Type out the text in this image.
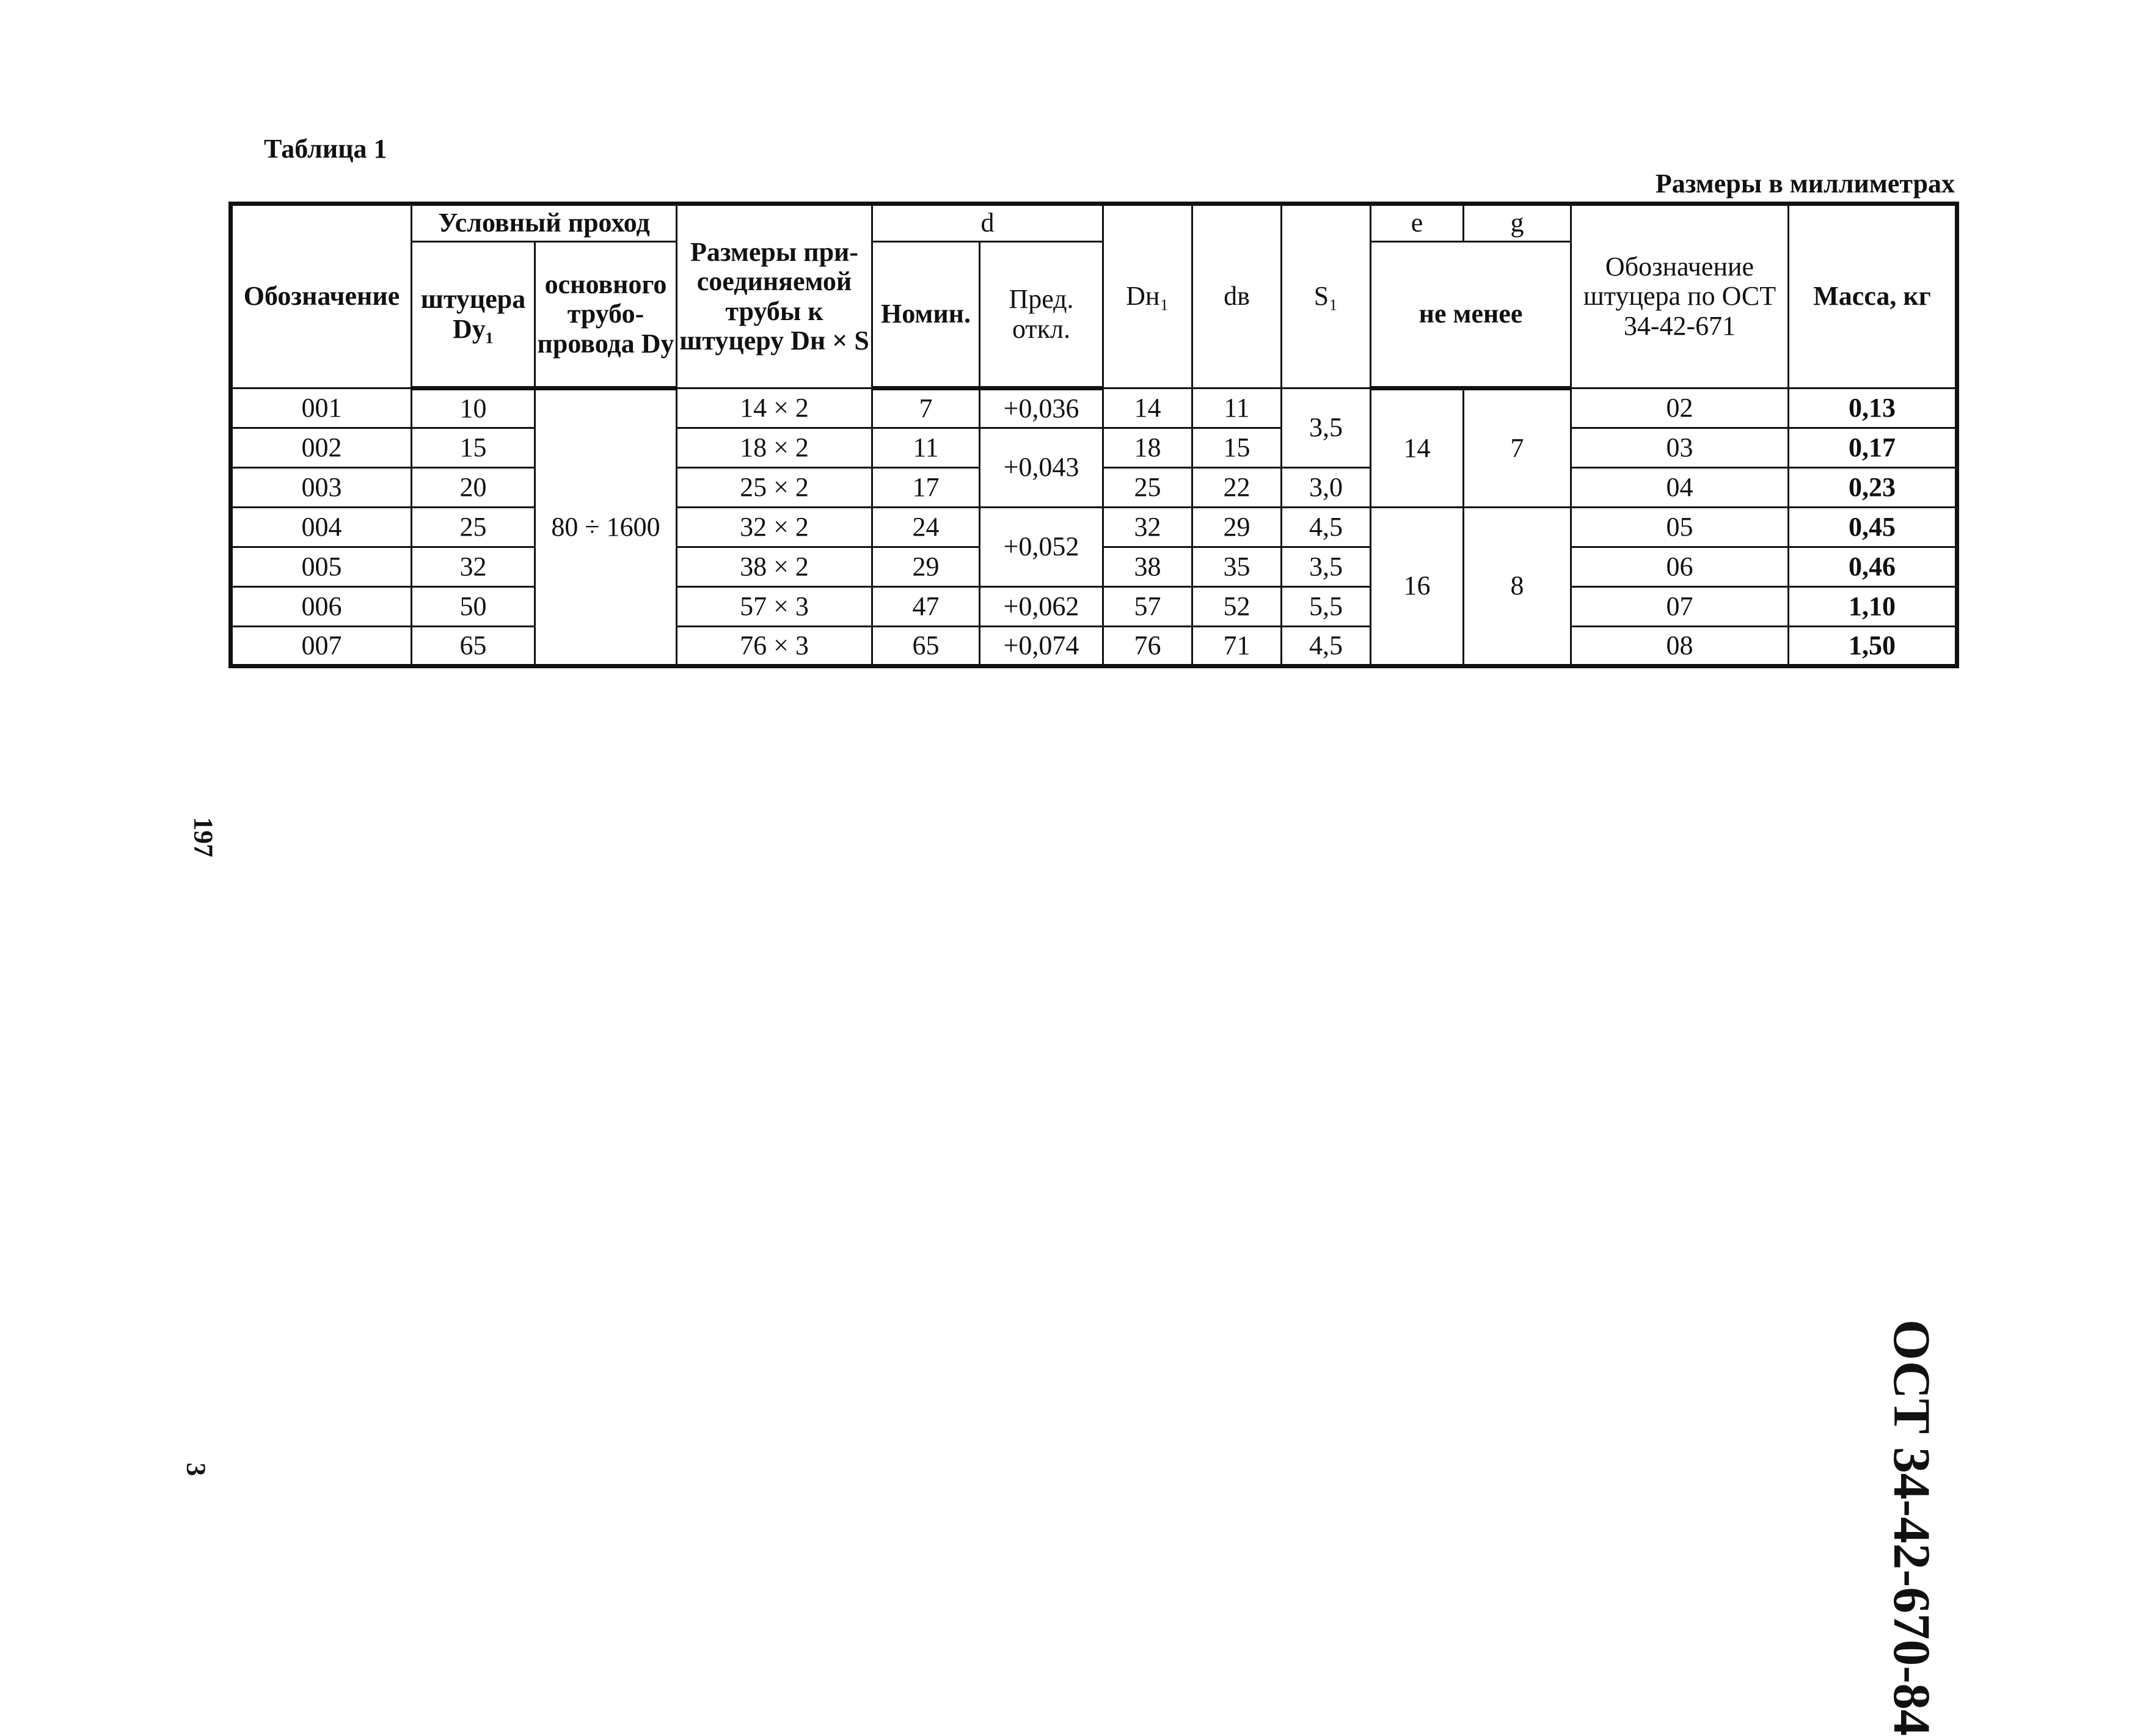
Таблица 1
Размеры в миллиметрах
Обозначение	Условный проход		Размеры при-соединяемой трубы к штуцеру Dн × S	d		Dн₁	dв	S₁	e	g	Обозначение штуцера по ОСТ 34-42-671	Масса, кг
	штуцера Dy₁	основного трубо-провода Dy		Номин.	Пред. откл.				не менее			
001	10	80 ÷ 1600	14 × 2	7	+0,036	14	11	3,5	14	7	02	0,13
002	15		18 × 2	11	+0,043	18	15				03	0,17
003	20		25 × 2	17		25	22	3,0			04	0,23
004	25		32 × 2	24	+0,052	32	29	4,5	16	8	05	0,45
005	32		38 × 2	29		38	35	3,5			06	0,46
006	50		57 × 3	47	+0,062	57	52	5,5			07	1,10
007	65		76 × 3	65	+0,074	76	71	4,5			08	1,50
197
3	ОСТ 34-42-670-84
